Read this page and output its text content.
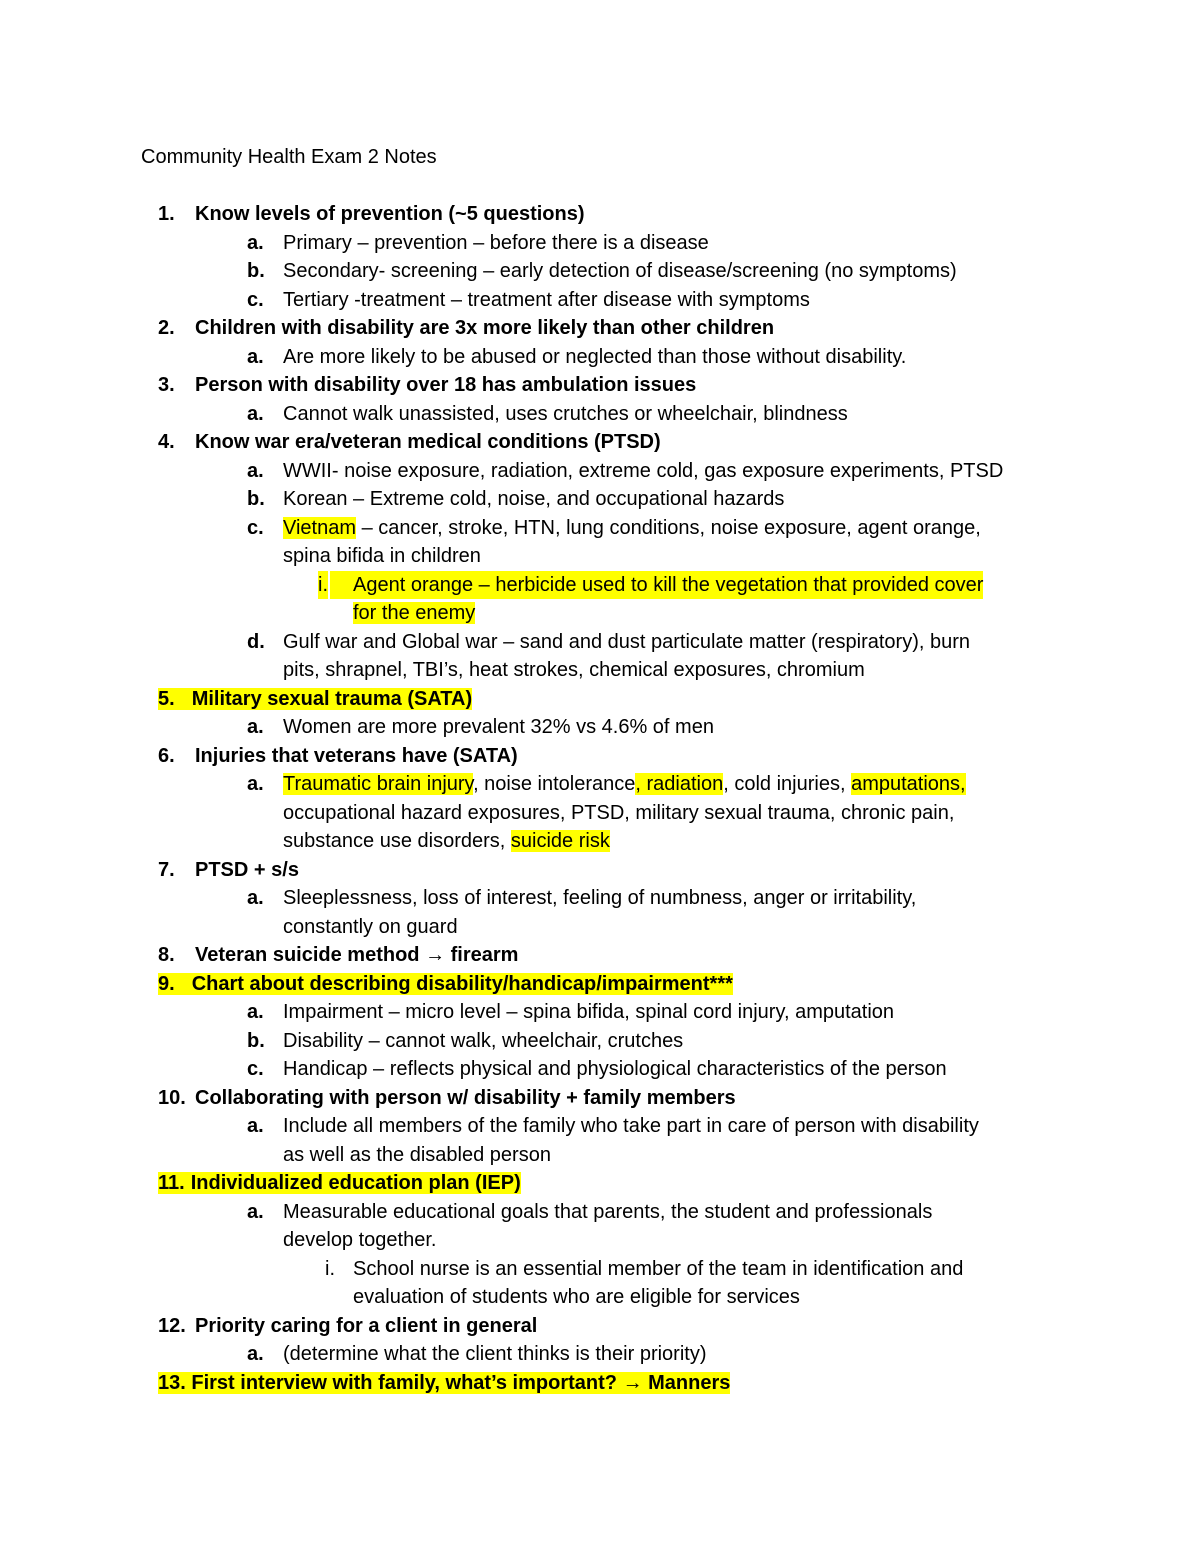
Community Health Exam 2 Notes
1. Know levels of prevention (~5 questions)
a. Primary – prevention – before there is a disease
b. Secondary- screening – early detection of disease/screening (no symptoms)
c. Tertiary -treatment – treatment after disease with symptoms
2. Children with disability are 3x more likely than other children
a. Are more likely to be abused or neglected than those without disability.
3. Person with disability over 18 has ambulation issues
a. Cannot walk unassisted, uses crutches or wheelchair, blindness
4. Know war era/veteran medical conditions (PTSD)
a. WWII- noise exposure, radiation, extreme cold, gas exposure experiments, PTSD
b. Korean – Extreme cold, noise, and occupational hazards
c. Vietnam – cancer, stroke, HTN, lung conditions, noise exposure, agent orange,
spina bifida in children
i.	Agent orange – herbicide used to kill the vegetation that provided cover
for the enemy
d. Gulf war and Global war – sand and dust particulate matter (respiratory), burn
pits, shrapnel, TBI’s, heat strokes, chemical exposures, chromium
5. Military sexual trauma (SATA)
a. Women are more prevalent 32% vs 4.6% of men
6. Injuries that veterans have (SATA)
a. Traumatic brain injury, noise intolerance, radiation, cold injuries, amputations,
occupational hazard exposures, PTSD, military sexual trauma, chronic pain,
substance use disorders, suicide risk
7. PTSD + s/s
a. Sleeplessness, loss of interest, feeling of numbness, anger or irritability,
constantly on guard
8. Veteran suicide method → firearm
9. Chart about describing disability/handicap/impairment***
a. Impairment – micro level – spina bifida, spinal cord injury, amputation
b. Disability – cannot walk, wheelchair, crutches
c. Handicap – reflects physical and physiological characteristics of the person
10. Collaborating with person w/ disability + family members
a. Include all members of the family who take part in care of person with disability
as well as the disabled person
11. Individualized education plan (IEP)
a. Measurable educational goals that parents, the student and professionals
develop together.
i. School nurse is an essential member of the team in identification and
evaluation of students who are eligible for services
12. Priority caring for a client in general
a. (determine what the client thinks is their priority)
13. First interview with family, what’s important? → Manners
